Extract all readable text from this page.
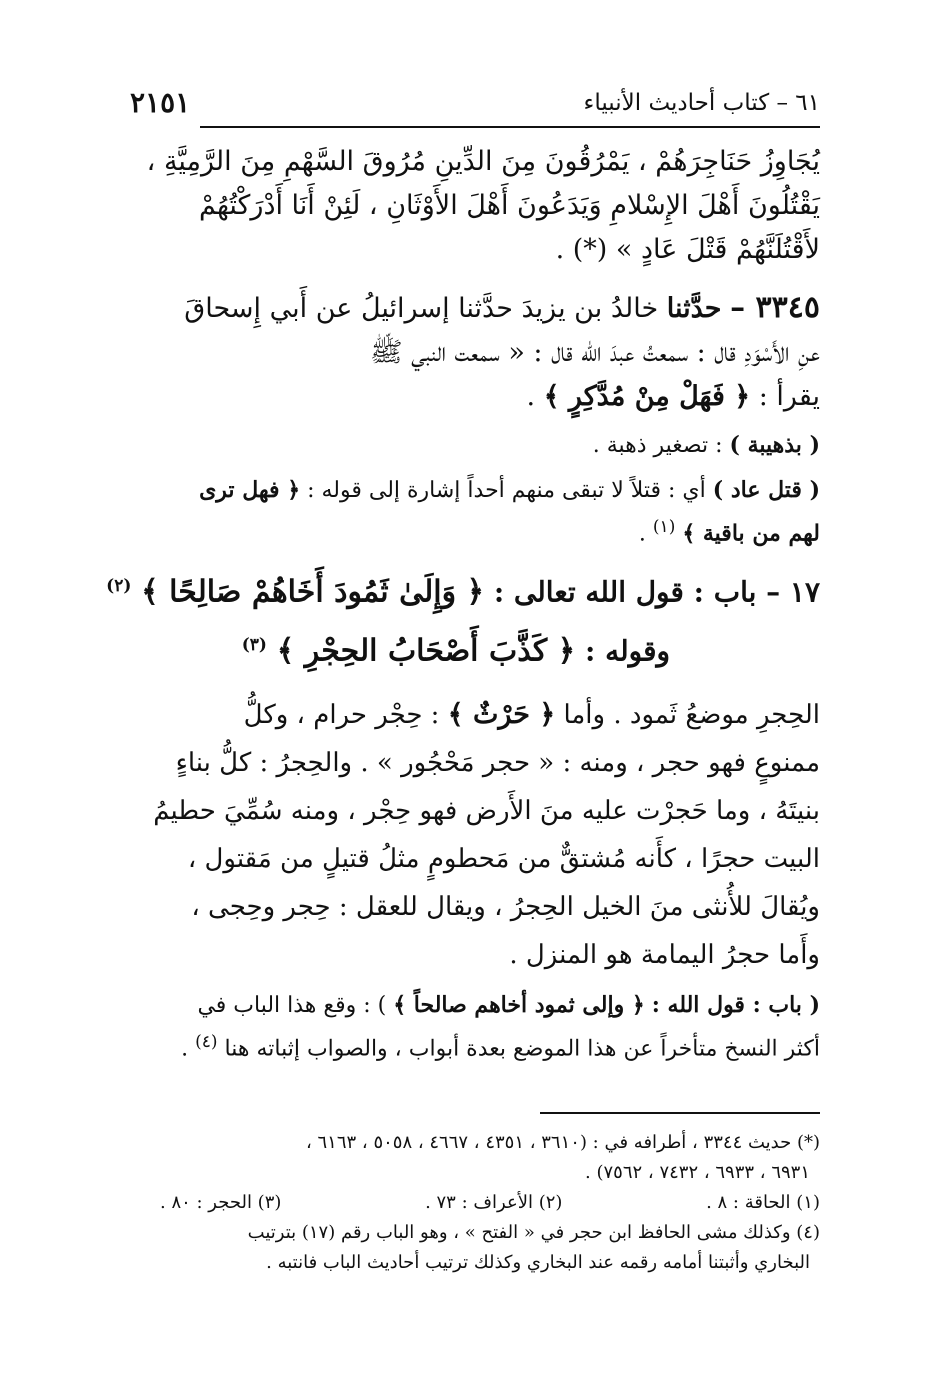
٦١ – كتاب أحاديث الأنبياء
٢١٥١
يُجَاوِزُ حَنَاجِرَهُمْ ، يَمْرُقُونَ مِنَ الدِّينِ مُرُوقَ السَّهْمِ مِنَ الرَّمِيَّةِ ،
يَقْتُلُونَ أَهْلَ الإِسْلامِ وَيَدَعُونَ أَهْلَ الأَوْثَانِ ، لَئِنْ أَنَا أَدْرَكْتُهُمْ
لأَقْتُلَنَّهُمْ قَتْلَ عَادٍ » (*) .
٣٣٤٥ – حدَّثنا خالدُ بن يزيدَ حدَّثنا إسرائيلُ عن أَبي إِسحاقَ
عنِ الأَسْوَدِ قال : سمعتُ عبدَ الله قال : « سمعت النبي ﷺ
يقرأ : ﴿ فَهَلْ مِنْ مُدَّكِرٍ ﴾ .
( بذهيبة ) : تصغير ذهبة .
( قتل عاد ) أي : قتلاً لا تبقى منهم أحداً إشارة إلى قوله : ﴿ فهل ترى
لهم من باقية ﴾ $^{(١)}$ .
١٧ – باب : قول الله تعالى : ﴿ وَإِلَىٰ ثَمُودَ أَخَاهُمْ صَالِحًا ﴾ $^{(٢)}$
وقوله : ﴿ كَذَّبَ أَصْحَابُ الحِجْرِ ﴾ $^{(٣)}$
الحِجرِ موضعُ ثَمود . وأما ﴿ حَرْثٌ ﴾ : حِجْر حرام ، وكلُّ
ممنوعٍ فهو حجر ، ومنه : « حجر مَحْجُور » . والحِجرُ : كلُّ بناءٍ
بنيتَهُ ، وما حَجرْت عليه منَ الأَرض فهو حِجْر ، ومنه سُمِّيَ حطيمُ
البيت حجرًا ، كأَنه مُشتقٌّ من مَحطومٍ مثلُ قتيلٍ من مَقتول ،
ويُقالَ للأُنثى منَ الخيل الحِجرُ ، ويقال للعقل : حِجر وحِجى ،
وأَما حجرُ اليمامة هو المنزل .
( باب : قول الله : ﴿ وإلى ثمود أخاهم صالحاً ﴾ ) : وقع هذا الباب في
أكثر النسخ متأخراً عن هذا الموضع بعدة أبواب ، والصواب إثباته هنا $^{(٤)}$ .
(*) حديث ٣٣٤٤ ، أطرافه في : (٣٦١٠ ، ٤٣٥١ ، ٤٦٦٧ ، ٥٠٥٨ ، ٦١٦٣ ،
٦٩٣١ ، ٦٩٣٣ ، ٧٤٣٢ ، ٧٥٦٢) .
(١) الحاقة : ٨ .
(٢) الأعراف : ٧٣ .
(٣) الحجر : ٨٠ .
(٤) وكذلك مشى الحافظ ابن حجر في « الفتح » ، وهو الباب رقم (١٧) بترتيب
البخاري وأثبتنا أمامه رقمه عند البخاري وكذلك ترتيب أحاديث الباب فانتبه .
